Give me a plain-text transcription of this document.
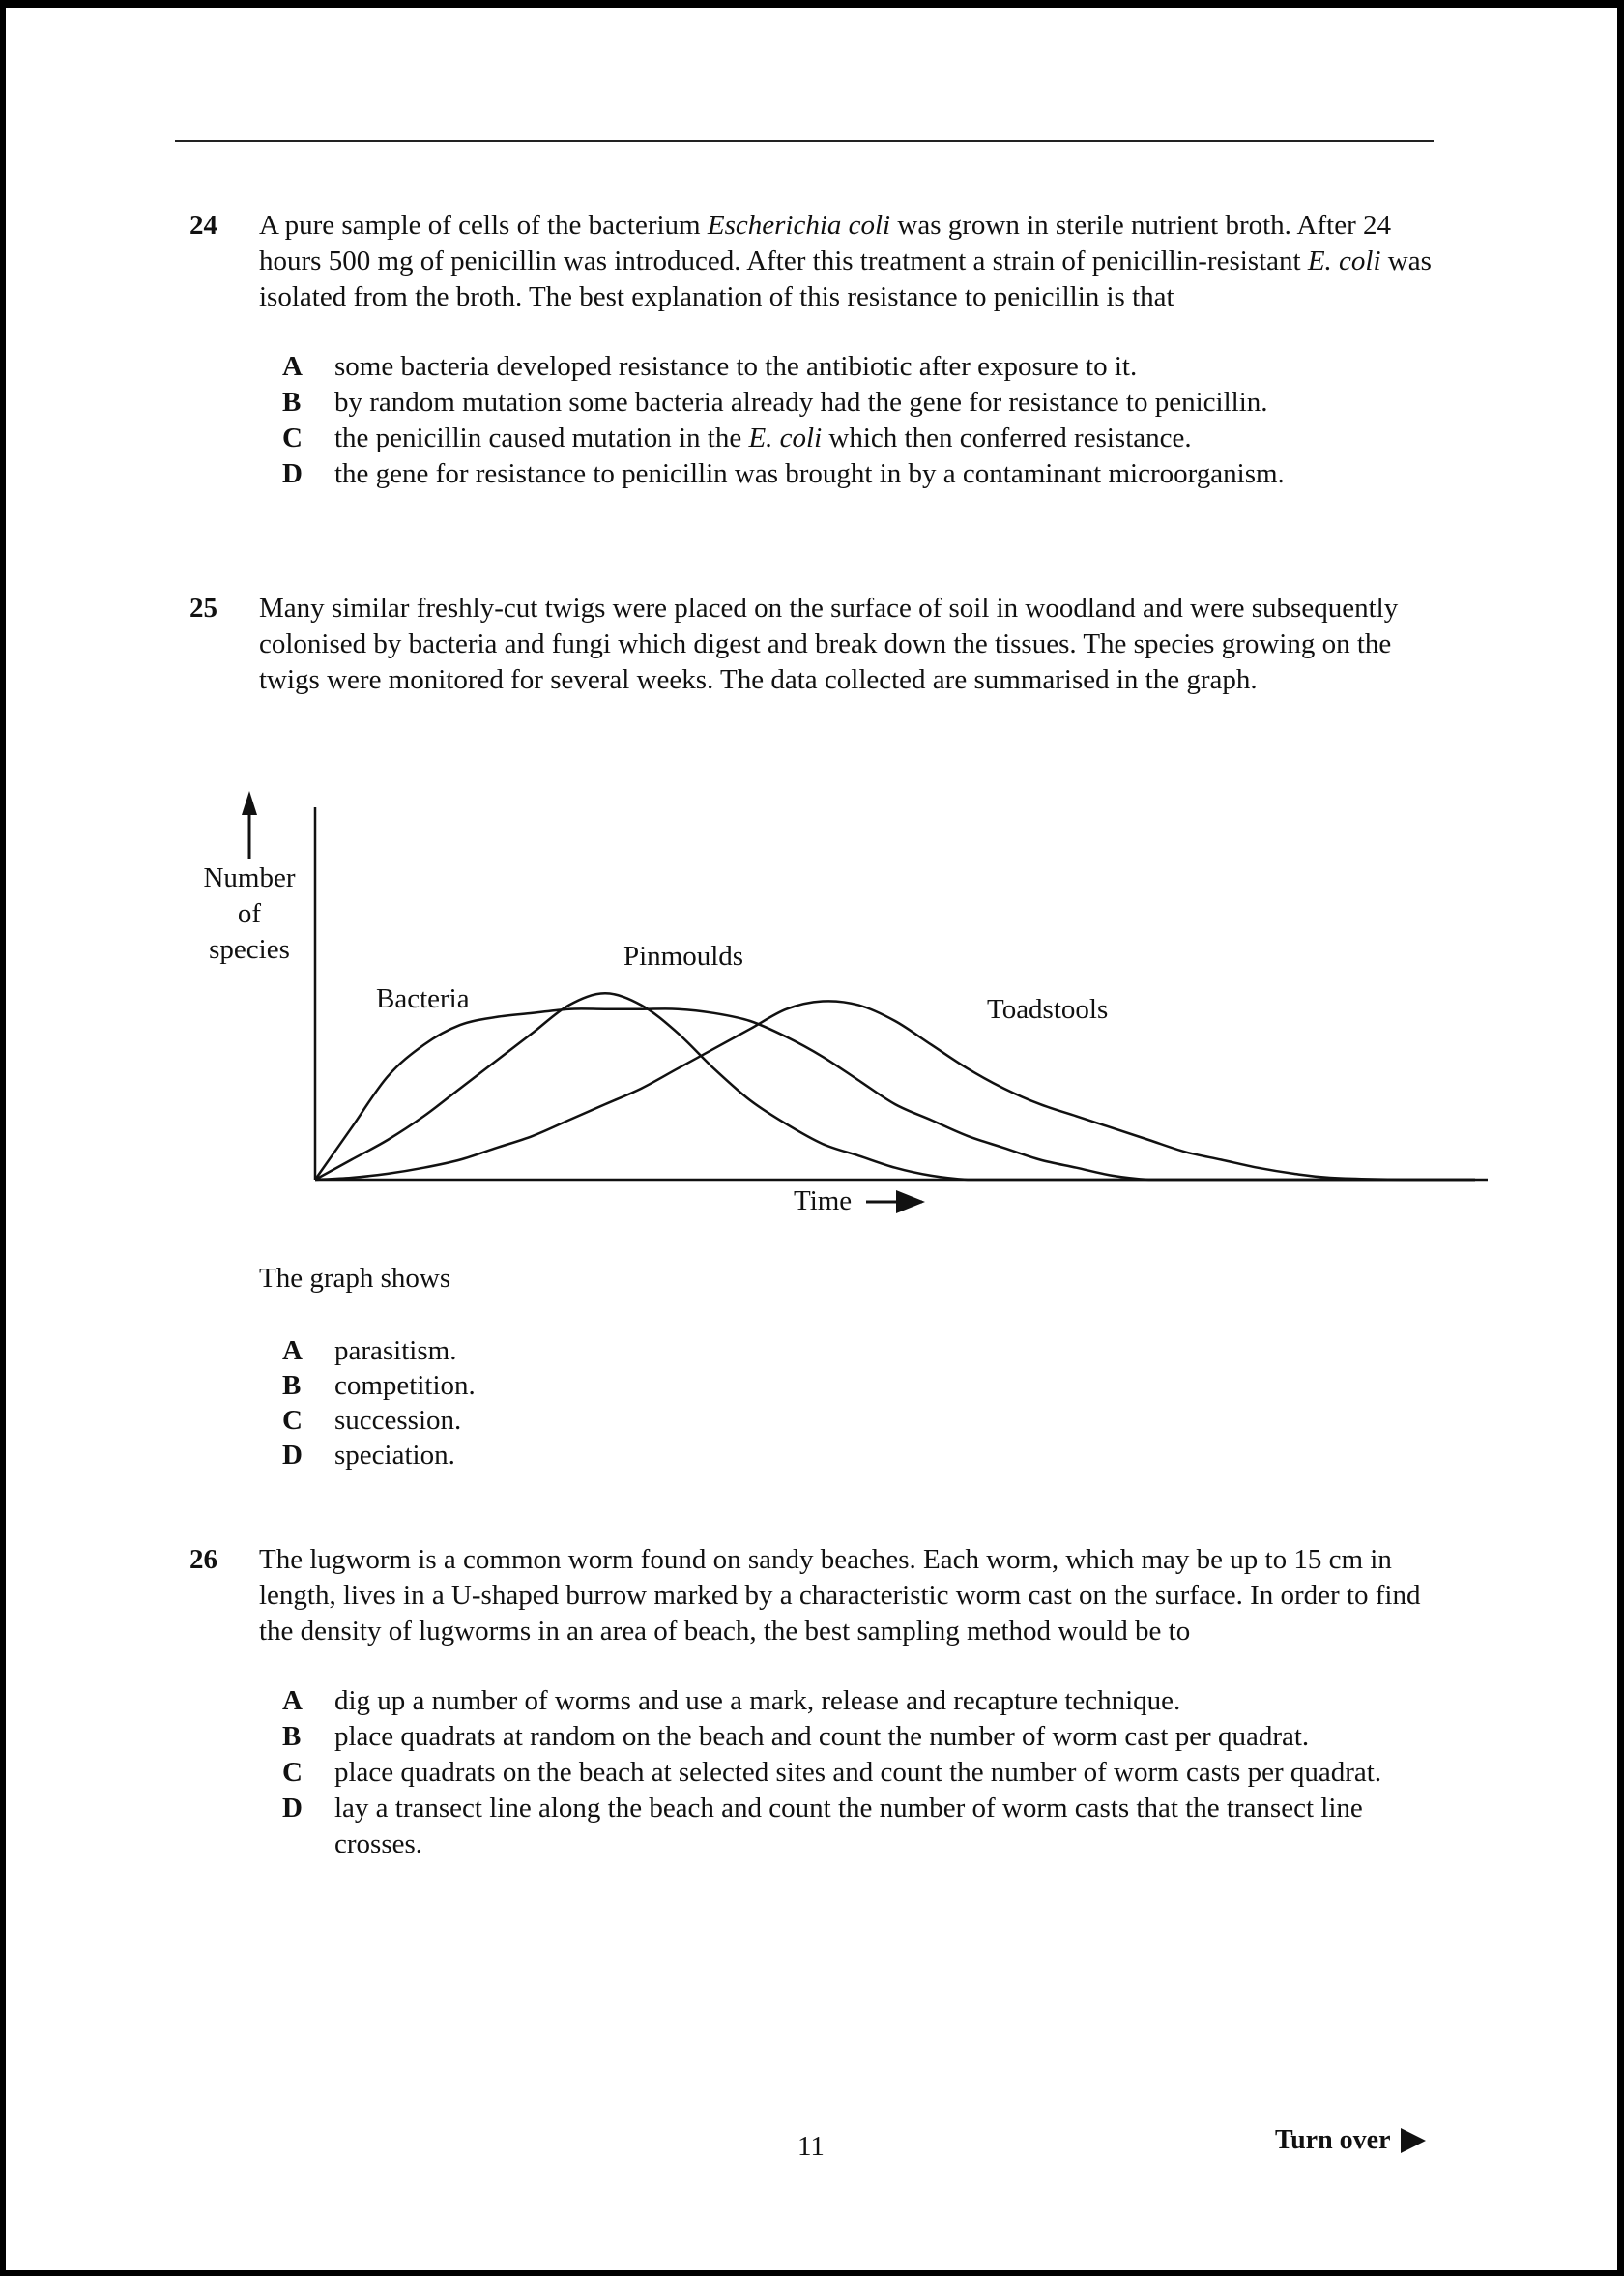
24 A pure sample of cells of the bacterium Escherichia coli was grown in sterile nutrient broth. After 24 hours 500 mg of penicillin was introduced. After this treatment a strain of penicillin-resistant E. coli was isolated from the broth. The best explanation of this resistance to penicillin is that
A	some bacteria developed resistance to the antibiotic after exposure to it.
B	by random mutation some bacteria already had the gene for resistance to penicillin.
C	the penicillin caused mutation in the E. coli which then conferred resistance.
D	the gene for resistance to penicillin was brought in by a contaminant microorganism.
25 Many similar freshly-cut twigs were placed on the surface of soil in woodland and were subsequently colonised by bacteria and fungi which digest and break down the tissues. The species growing on the twigs were monitored for several weeks. The data collected are summarised in the graph.
Number
of
species
Bacteria
Pinmoulds
Toadstools
Time
The graph shows
A	parasitism.
B	competition.
C	succession.
D	speciation.
26 The lugworm is a common worm found on sandy beaches. Each worm, which may be up to 15 cm in length, lives in a U-shaped burrow marked by a characteristic worm cast on the surface. In order to find the density of lugworms in an area of beach, the best sampling method would be to
A	dig up a number of worms and use a mark, release and recapture technique.
B	place quadrats at random on the beach and count the number of worm cast per quadrat.
C	place quadrats on the beach at selected sites and count the number of worm casts per quadrat.
D	lay a transect line along the beach and count the number of worm casts that the transect line crosses.
11	Turn over
